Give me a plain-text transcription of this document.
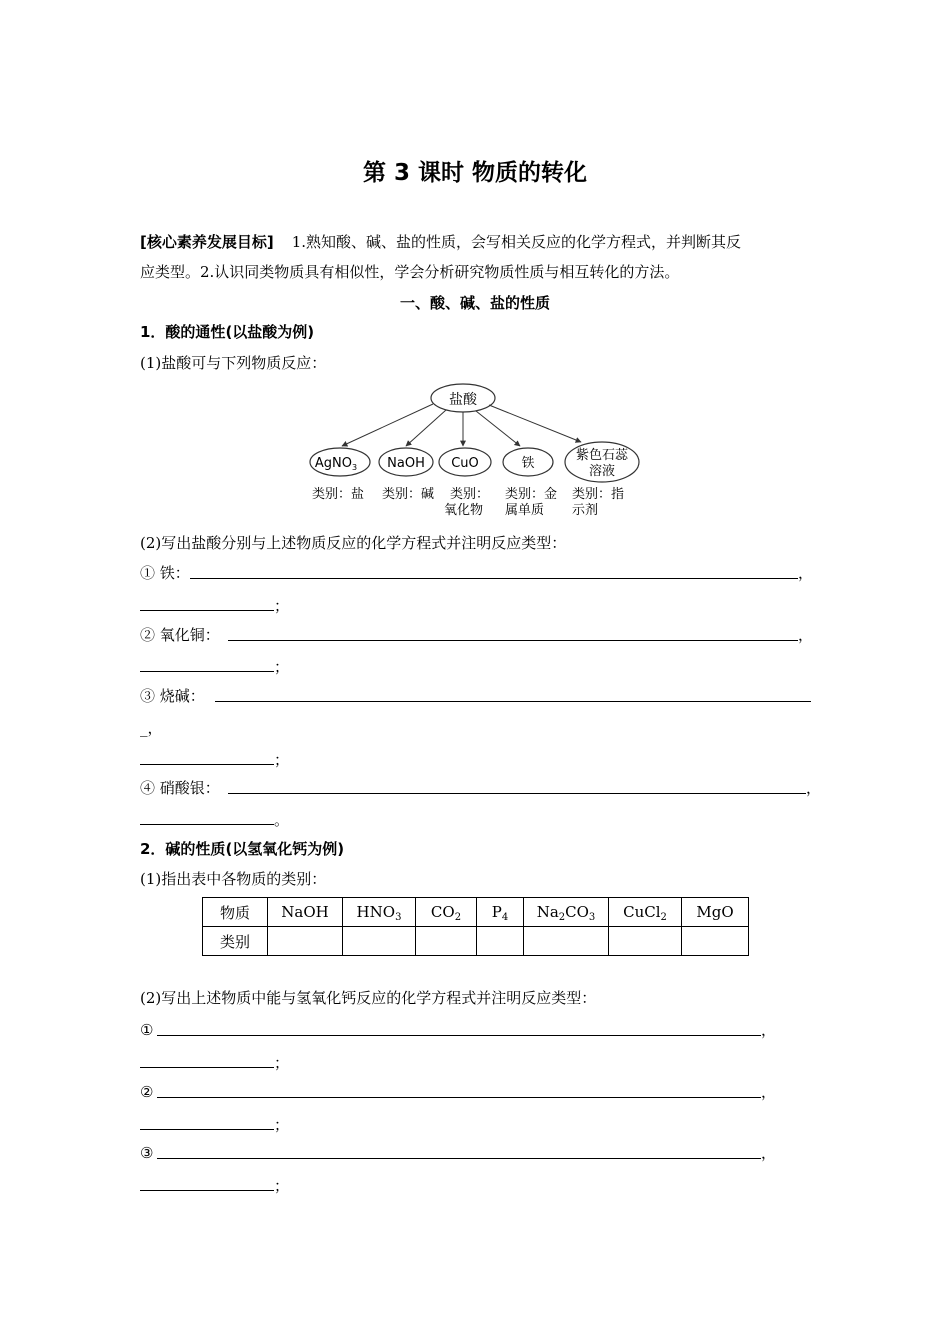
第 3 课时 物质的转化
[核心素养发展目标] 1.熟知酸、碱、盐的性质，会写相关反应的化学方程式，并判断其反
应类型。2.认识同类物质具有相似性，学会分析研究物质性质与相互转化的方法。
一、酸、碱、盐的性质
1．酸的通性(以盐酸为例)
(1)盐酸可与下列物质反应：
盐酸
AgNO$_3$ NaOH CuO	铁
紫色石蕊
溶液
类别：盐 类别：碱 类别：
氧化物
类别：金
属单质
类别：指
示剂
(2)写出盐酸分别与上述物质反应的化学方程式并注明反应类型：
① 铁：	，
；
② 氧化铜：	，
；
③ 烧碱：
_，
；
④ 硝酸银：	，
。
2．碱的性质(以氢氧化钙为例)
(1)指出表中各物质的类别：
物质	NaOH	$HNO_3$	$CO_2$	$P_4$	$Na_2CO_3$	CuCl$_2$	MgO
类别							
(2)写出上述物质中能与氢氧化钙反应的化学方程式并注明反应类型：
①	，
；
②	，
；
③	，
；
